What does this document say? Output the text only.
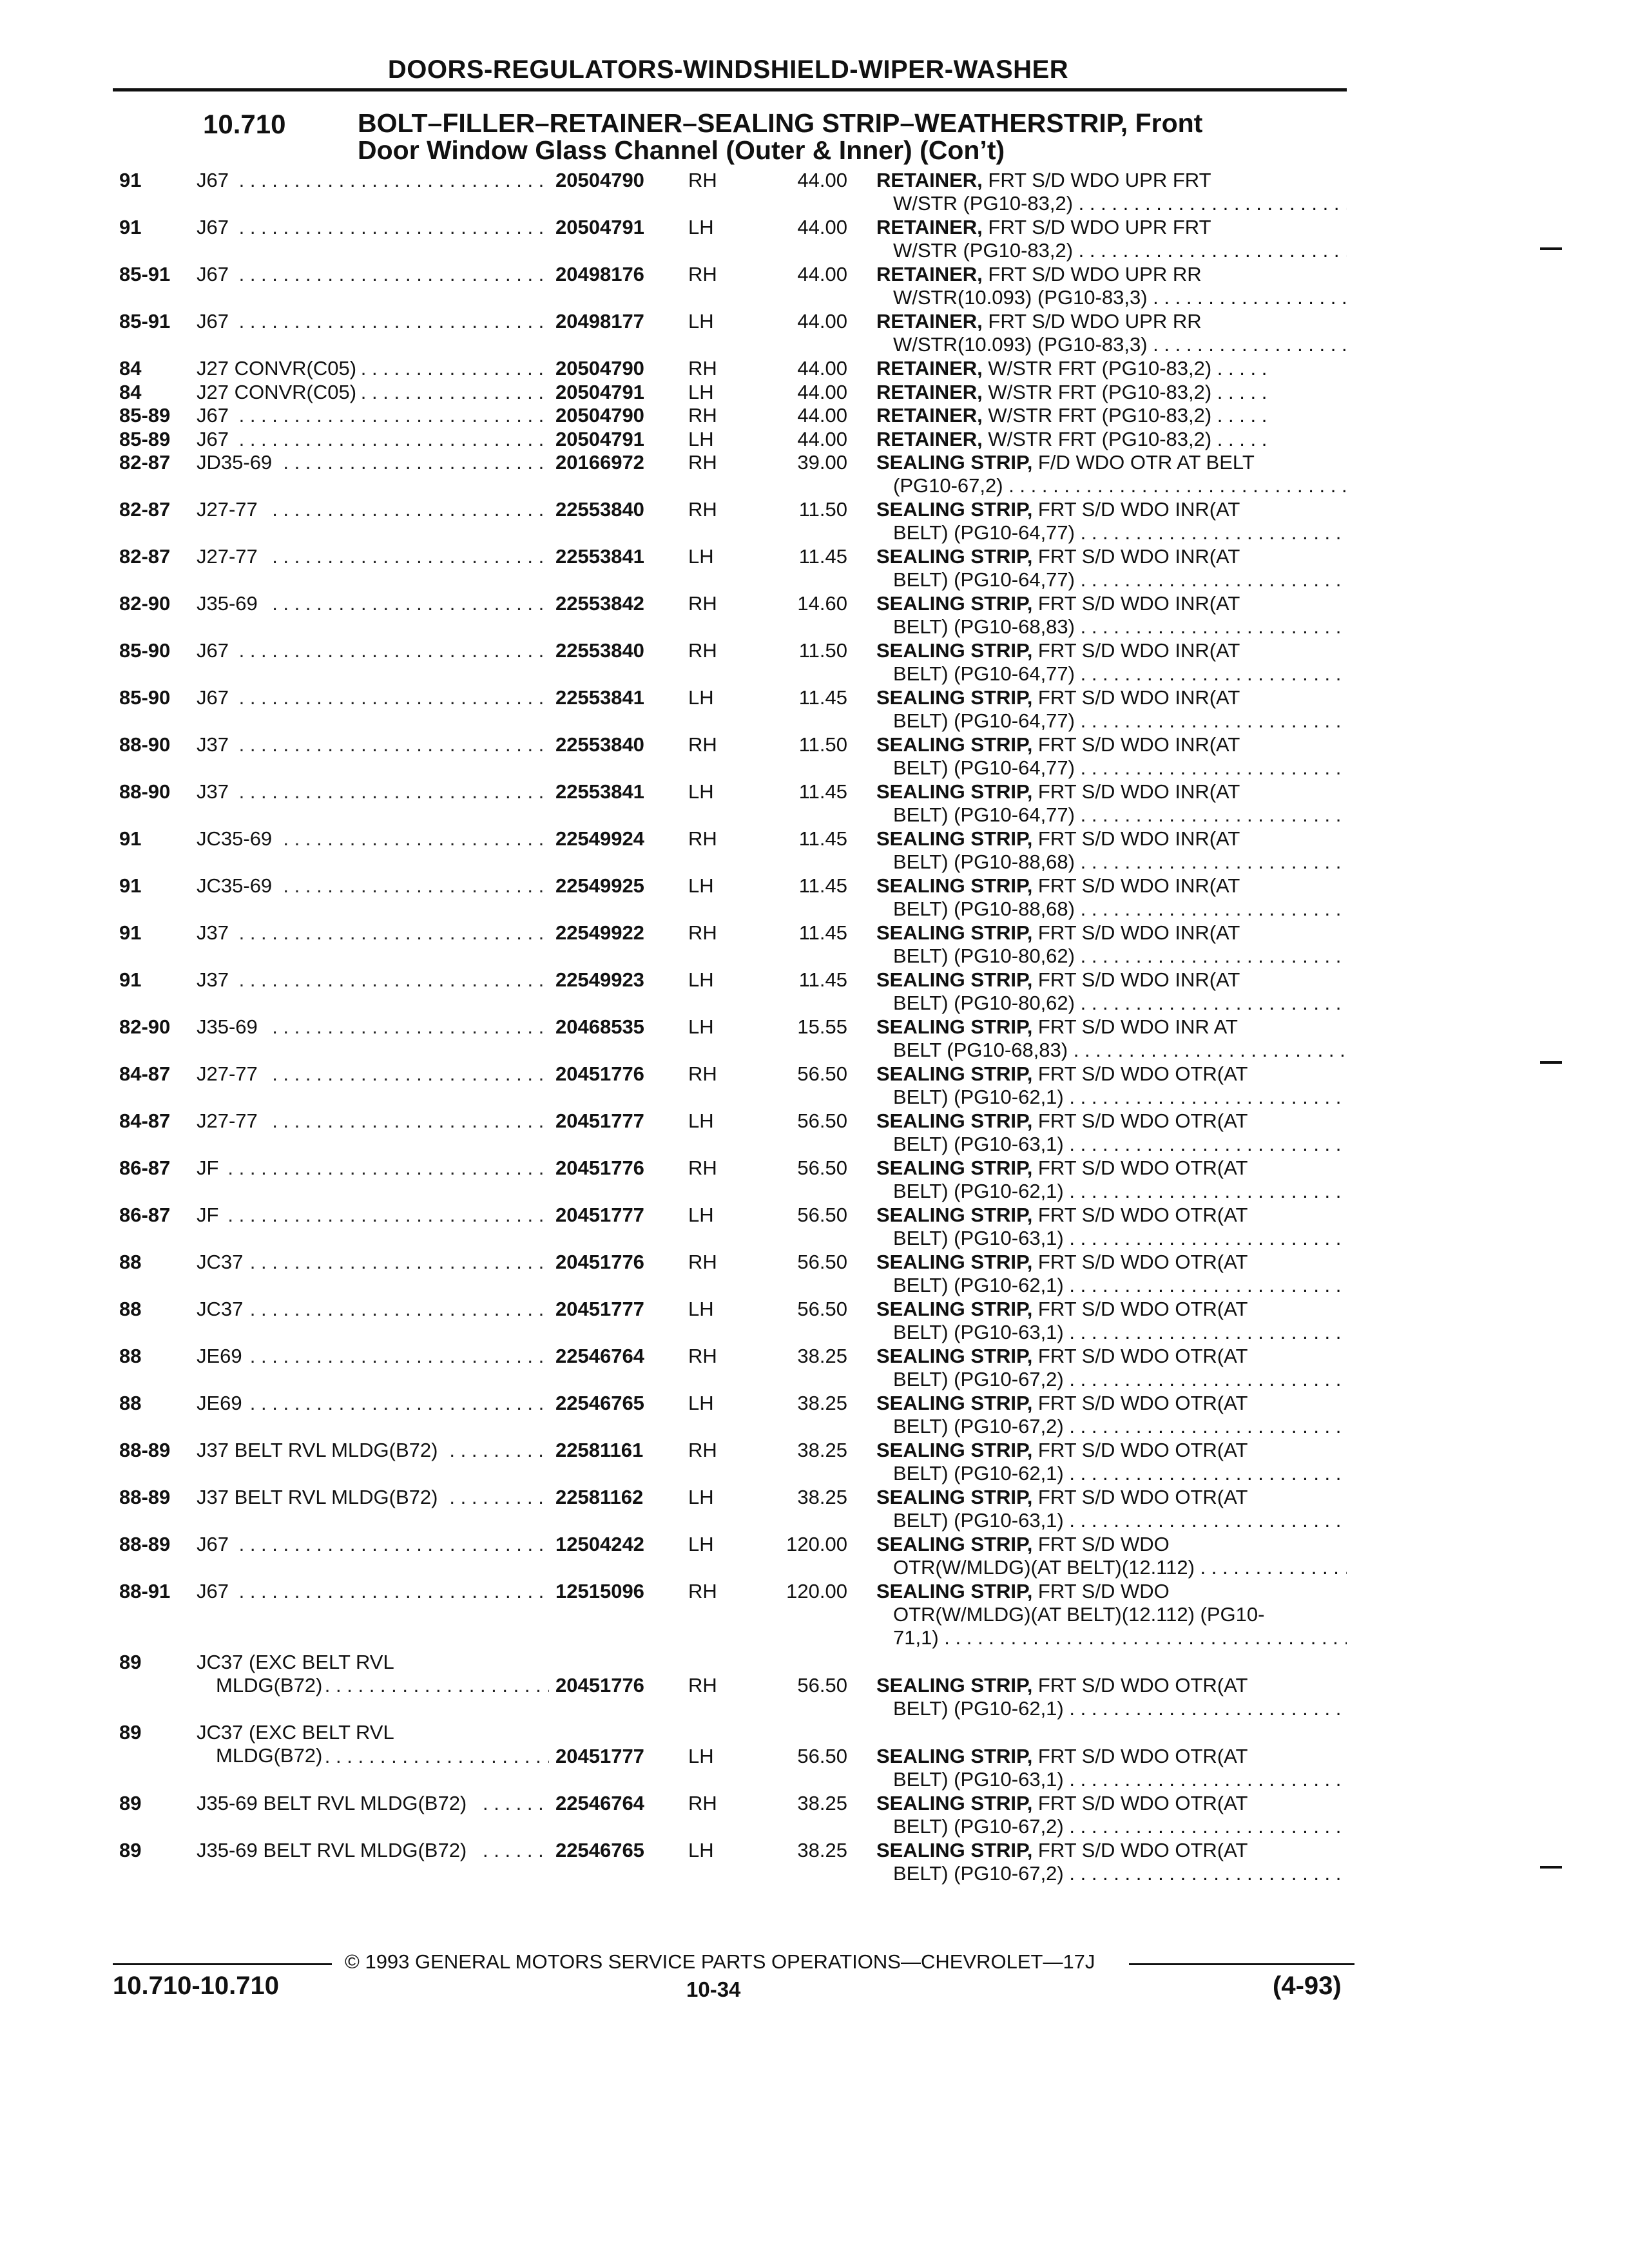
DOORS-REGULATORS-WINDSHIELD-WIPER-WASHER
10.710	BOLT–FILLER–RETAINER–SEALING STRIP–WEATHERSTRIP, Front
Door Window Glass Channel (Outer & Inner) (Con’t)
91	J67 . . .	20504790 RH	44.00 RETAINER, FRT S/D WDO UPR FRT
W/STR (PG10-83,2) . . .
91	J67 . . .	20504791 LH	44.00 RETAINER, FRT S/D WDO UPR FRT
W/STR (PG10-83,2) . . .
85-91 J67 . . .	20498176 RH	44.00 RETAINER, FRT S/D WDO UPR RR
W/STR(10.093) (PG10-83,3) . . .
85-91 J67 . . .	20498177 LH	44.00 RETAINER, FRT S/D WDO UPR RR
W/STR(10.093) (PG10-83,3) . . .
84	J27 CONVR(C05) . . .	20504790 RH	44.00 RETAINER, W/STR FRT (PG10-83,2) . . . . .
84	J27 CONVR(C05) . . .	20504791 LH	44.00 RETAINER, W/STR FRT (PG10-83,2) . . . . .
85-89 J67 . . .	20504790 RH	44.00 RETAINER, W/STR FRT (PG10-83,2) . . . . .
85-89 J67 . . .	20504791 LH	44.00 RETAINER, W/STR FRT (PG10-83,2) . . . . .
82-87 JD35-69 . . .	20166972 RH	39.00 SEALING STRIP, F/D WDO OTR AT BELT
(PG10-67,2) . . .
82-87 J27-77 . . .	22553840 RH	11.50 SEALING STRIP, FRT S/D WDO INR(AT
BELT) (PG10-64,77) . . .
82-87 J27-77 . . .	22553841 LH	11.45 SEALING STRIP, FRT S/D WDO INR(AT
BELT) (PG10-64,77) . . .
82-90 J35-69 . . .	22553842 RH	14.60 SEALING STRIP, FRT S/D WDO INR(AT
BELT) (PG10-68,83) . . .
85-90 J67 . . .	22553840 RH	11.50 SEALING STRIP, FRT S/D WDO INR(AT
BELT) (PG10-64,77) . . .
85-90 J67 . . .	22553841 LH	11.45 SEALING STRIP, FRT S/D WDO INR(AT
BELT) (PG10-64,77) . . .
88-90 J37 . . .	22553840 RH	11.50 SEALING STRIP, FRT S/D WDO INR(AT
BELT) (PG10-64,77) . . .
88-90 J37 . . .	22553841 LH	11.45 SEALING STRIP, FRT S/D WDO INR(AT
BELT) (PG10-64,77) . . .
91	JC35-69 . . .	22549924 RH	11.45 SEALING STRIP, FRT S/D WDO INR(AT
BELT) (PG10-88,68) . . .
91	JC35-69 . . .	22549925 LH	11.45 SEALING STRIP, FRT S/D WDO INR(AT
BELT) (PG10-88,68) . . .
91	J37 . . .	22549922 RH	11.45 SEALING STRIP, FRT S/D WDO INR(AT
BELT) (PG10-80,62) . . .
91	J37 . . .	22549923 LH	11.45 SEALING STRIP, FRT S/D WDO INR(AT
BELT) (PG10-80,62) . . .
82-90 J35-69 . . .	20468535 LH	15.55 SEALING STRIP, FRT S/D WDO INR AT
BELT (PG10-68,83) . . .
84-87 J27-77 . . .	20451776 RH	56.50 SEALING STRIP, FRT S/D WDO OTR(AT
BELT) (PG10-62,1) . . .
84-87 J27-77 . . .	20451777 LH	56.50 SEALING STRIP, FRT S/D WDO OTR(AT
BELT) (PG10-63,1) . . .
86-87 JF . . .	20451776 RH	56.50 SEALING STRIP, FRT S/D WDO OTR(AT
BELT) (PG10-62,1) . . .
86-87 JF . . .	20451777 LH	56.50 SEALING STRIP, FRT S/D WDO OTR(AT
BELT) (PG10-63,1) . . .
88	JC37 . . .	20451776 RH	56.50 SEALING STRIP, FRT S/D WDO OTR(AT
BELT) (PG10-62,1) . . .
88	JC37 . . .	20451777 LH	56.50 SEALING STRIP, FRT S/D WDO OTR(AT
BELT) (PG10-63,1) . . .
88	JE69 . . .	22546764 RH	38.25 SEALING STRIP, FRT S/D WDO OTR(AT
BELT) (PG10-67,2) . . .
88	JE69 . . .	22546765 LH	38.25 SEALING STRIP, FRT S/D WDO OTR(AT
BELT) (PG10-67,2) . . .
88-89 J37 BELT RVL MLDG(B72) . . .	22581161 RH	38.25 SEALING STRIP, FRT S/D WDO OTR(AT
BELT) (PG10-62,1) . . .
88-89 J37 BELT RVL MLDG(B72) . . .	22581162 LH	38.25 SEALING STRIP, FRT S/D WDO OTR(AT
BELT) (PG10-63,1) . . .
88-89 J67 . . .	12504242 LH	120.00 SEALING STRIP, FRT S/D WDO
OTR(W/MLDG)(AT BELT)(12.112) . . .
88-91 J67 . . .	12515096 RH	120.00 SEALING STRIP, FRT S/D WDO
OTR(W/MLDG)(AT BELT)(12.112) (PG10-
71,1) . . .
89	JC37 (EXC BELT RVL
MLDG(B72) . . .	20451776 RH	56.50 SEALING STRIP, FRT S/D WDO OTR(AT
BELT) (PG10-62,1) . . .
89	JC37 (EXC BELT RVL
MLDG(B72) . . .	20451777 LH	56.50 SEALING STRIP, FRT S/D WDO OTR(AT
BELT) (PG10-63,1) . . .
89	J35-69 BELT RVL MLDG(B72) . . .	22546764 RH	38.25 SEALING STRIP, FRT S/D WDO OTR(AT
BELT) (PG10-67,2) . . .
89	J35-69 BELT RVL MLDG(B72) . . .	22546765 LH	38.25 SEALING STRIP, FRT S/D WDO OTR(AT
BELT) (PG10-67,2) . . .
© 1993 GENERAL MOTORS SERVICE PARTS OPERATIONS—CHEVROLET—17J
10.710-10.710	10-34	(4-93)
